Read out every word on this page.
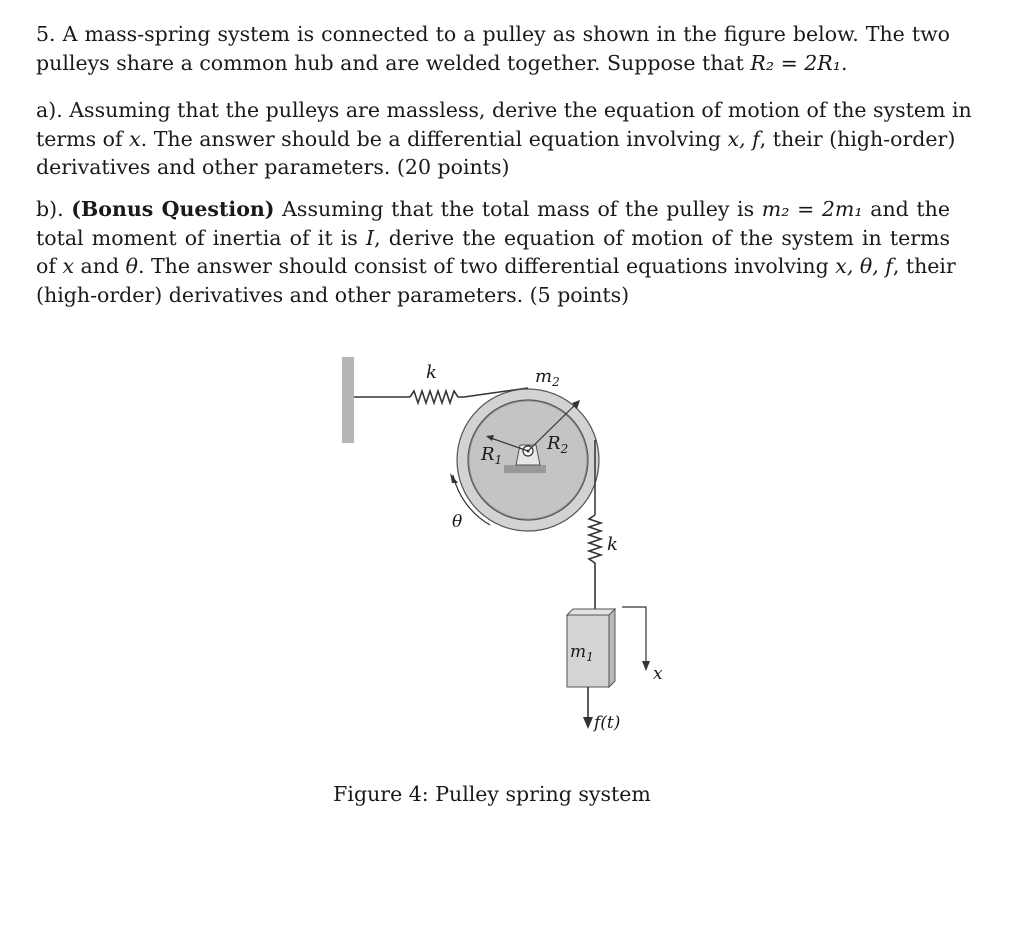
5. A mass-spring system is connected to a pulley as shown in the figure below. The two
pulleys share a common hub and are welded together. Suppose that R₂ = 2R₁.
a). Assuming that the pulleys are massless, derive the equation of motion of the system in
terms of x. The answer should be a differential equation involving x, f, their (high-order)
derivatives and other parameters. (20 points)
b). (Bonus Question) Assuming that the total mass of the pulley is m₂ = 2m₁ and the
total moment of inertia of it is I, derive the equation of motion of the system in terms
of x and θ. The answer should consist of two differential equations involving x, θ, f, their
(high-order) derivatives and other parameters. (5 points)
k	$m_2$
$R_1$
$R_2$
θ
k
$m_1$
x
f(t)
Figure 4: Pulley spring system
